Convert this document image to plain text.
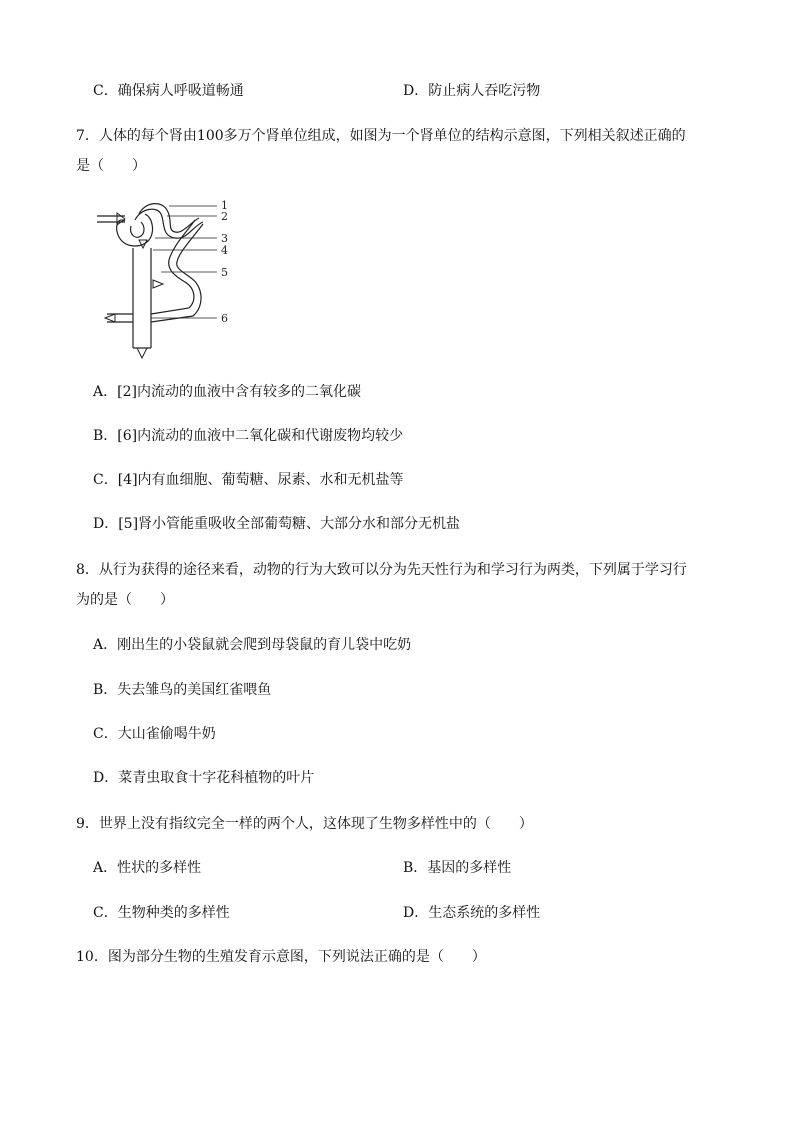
C．确保病人呼吸道畅通	D．防止病人吞吃污物
7．人体的每个肾由100多万个肾单位组成，如图为一个肾单位的结构示意图，下列相关叙述正确的
是（　　）
1
2
3
4
5
6
A．[2]内流动的血液中含有较多的二氧化碳
B．[6]内流动的血液中二氧化碳和代谢废物均较少
C．[4]内有血细胞、葡萄糖、尿素、水和无机盐等
D．[5]肾小管能重吸收全部葡萄糖、大部分水和部分无机盐
8．从行为获得的途径来看，动物的行为大致可以分为先天性行为和学习行为两类，下列属于学习行
为的是（　　）
A．刚出生的小袋鼠就会爬到母袋鼠的育儿袋中吃奶
B．失去雏鸟的美国红雀喂鱼
C．大山雀偷喝牛奶
D．菜青虫取食十字花科植物的叶片
9．世界上没有指纹完全一样的两个人，这体现了生物多样性中的（　　）
A．性状的多样性	B．基因的多样性
C．生物种类的多样性	D．生态系统的多样性
10．图为部分生物的生殖发育示意图，下列说法正确的是（　　）
